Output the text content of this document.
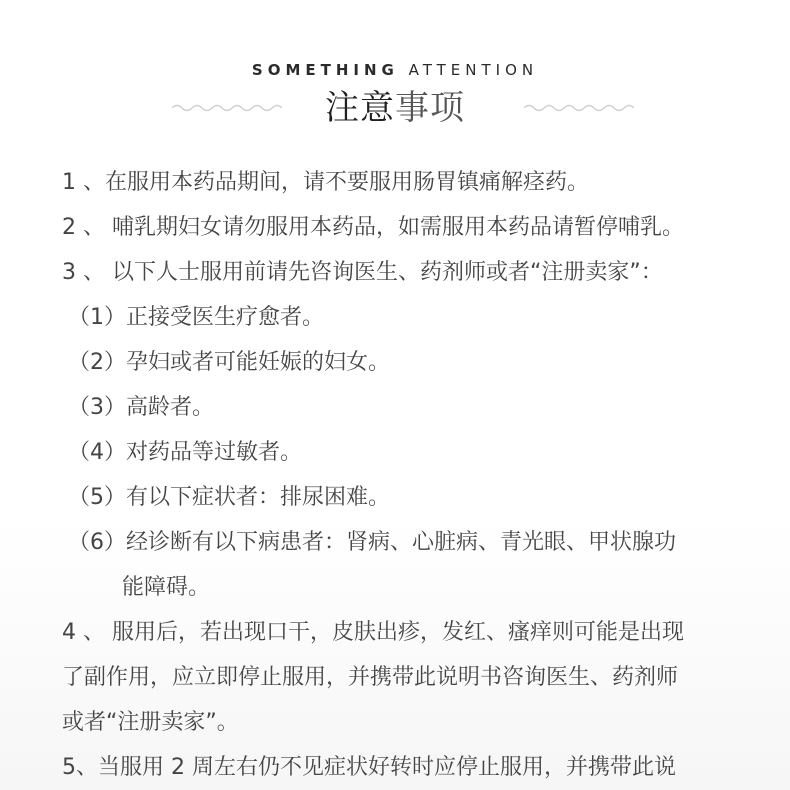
SOMETHING ATTENTION
注意事项
1 、在服用本药品期间，请不要服用肠胃镇痛解痉药。
2 、 哺乳期妇女请勿服用本药品，如需服用本药品请暂停哺乳。
3 、 以下人士服用前请先咨询医生、药剂师或者“注册卖家”：
（1）正接受医生疗愈者。
（2）孕妇或者可能妊娠的妇女。
（3）高龄者。
（4）对药品等过敏者。
（5）有以下症状者：排尿困难。
（6）经诊断有以下病患者：肾病、心脏病、青光眼、甲状腺功
能障碍。
4 、 服用后，若出现口干，皮肤出疹，发红、瘙痒则可能是出现
了副作用，应立即停止服用，并携带此说明书咨询医生、药剂师
或者“注册卖家”。
5、当服用 2 周左右仍不见症状好转时应停止服用，并携带此说
